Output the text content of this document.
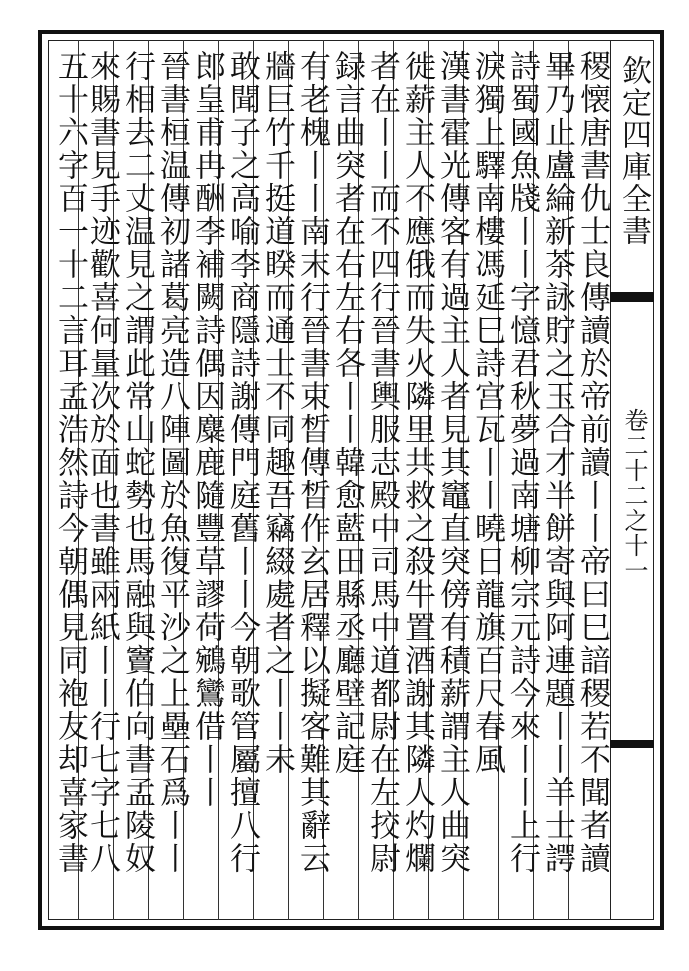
欽定四庫全書
卷二十二之十一
稷懐唐書仇士良傳讀於帝前讀丨丨帝曰巳諳稷若不聞者讀
畢乃止盧綸新茶詠貯之玉合才半餅寄與阿連題丨丨羊士諤
詩蜀國魚牋丨丨字憶君秋夢過南塘柳宗元詩今來丨丨上行
淚獨上驛南樓馮延巳詩宫瓦丨丨曉日龍旗百尺春風
漢書霍光傳客有過主人者見其竈直突傍有積薪謂主人曲突
徙薪主人不應俄而失火隣里共救之殺牛置酒謝其隣人灼爛
者在丨丨而不四行晉書輿服志殿中司馬中道都尉在左挍尉
録言曲突者在右左右各丨丨韓愈藍田縣丞廳壁記庭
有老槐丨丨南末行晉書束晳傳晳作玄居釋以擬客難其辭云
牆巨竹千挺道睽而通士不同趣吾竊綴處者之丨丨未
敢聞子之高喻李商隱詩謝傳門庭舊丨丨今朝歌管屬擅八行
郎皇甫冉酬李補闕詩偶因麋鹿隨豐草謬荷鵷鸞借丨丨
晉書桓温傳初諸葛亮造八陣圖於魚復平沙之上壘石爲丨丨
行相去二丈温見之謂此常山蛇勢也馬融與竇伯向書孟陵奴
來賜書見手迹歡喜何量次於面也書雖兩紙丨丨行七字七八
五十六字百一十二言耳孟浩然詩今朝偶見同袍友却喜家書
